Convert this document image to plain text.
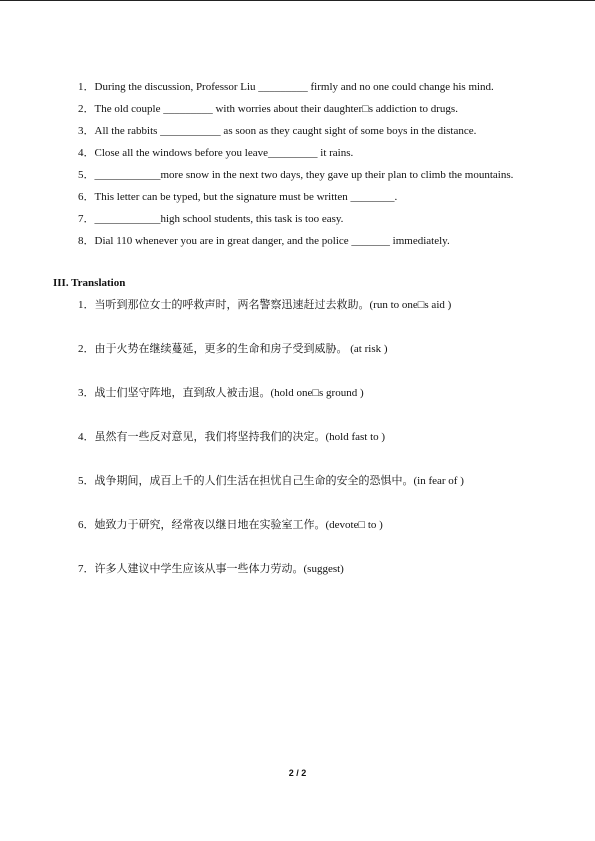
1．During the discussion, Professor Liu _________ firmly and no one could change his mind.
2．The old couple _________ with worries about their daughter□s addiction to drugs.
3．All the rabbits ___________ as soon as they caught sight of some boys in the distance.
4．Close all the windows before you leave_________ it rains.
5．____________more snow in the next two days, they gave up their plan to climb the mountains.
6．This letter can be typed, but the signature must be written ________.
7．____________high school students, this task is too easy.
8．Dial 110 whenever you are in great danger, and the police _______ immediately.
III. Translation
1．当听到那位女士的呼救声时，两名警察迅速赶过去救助。(run to one□s aid )
2．由于火势在继续蔓延，更多的生命和房子受到威胁。 (at risk )
3．战士们坚守阵地，直到敌人被击退。(hold one□s ground )
4．虽然有一些反对意见，我们将坚持我们的决定。(hold fast to )
5．战争期间，成百上千的人们生活在担忧自己生命的安全的恐惧中。(in fear of )
6．她致力于研究，经常夜以继日地在实验室工作。(devote□ to )
7．许多人建议中学生应该从事一些体力劳动。(suggest)
2 / 2
